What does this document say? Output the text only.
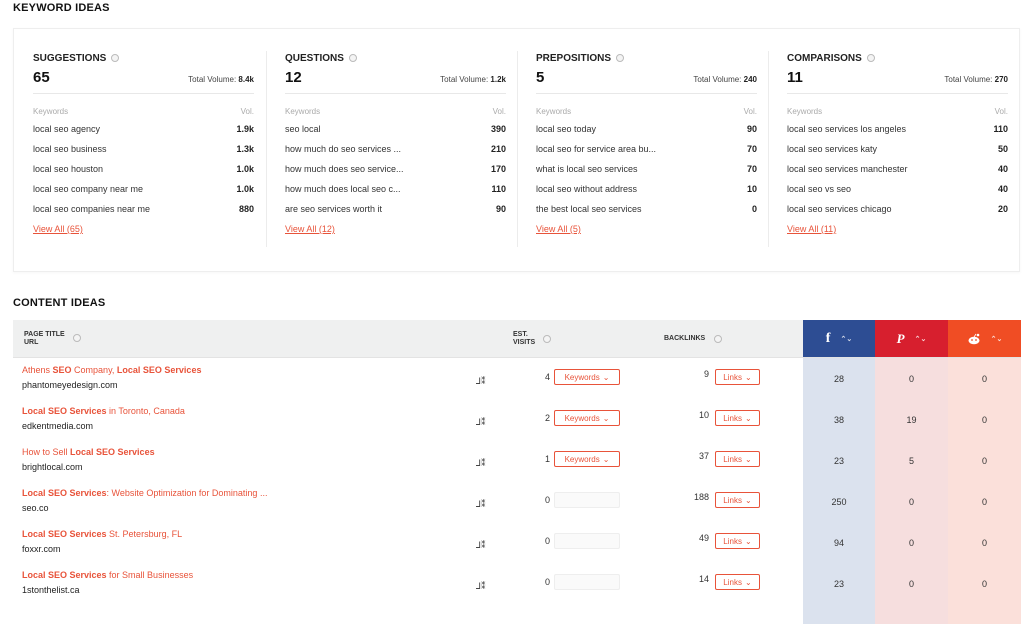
KEYWORD IDEAS
SUGGESTIONS
65	Total Volume: 8.4k
Keywords	Vol.
local seo agency	1.9k
local seo business	1.3k
local seo houston	1.0k
local seo company near me	1.0k
local seo companies near me	880
View All (65)
QUESTIONS
12	Total Volume: 1.2k
Keywords	Vol.
seo local	390
how much do seo services ...	210
how much does seo service...	170
how much does local seo c...	110
are seo services worth it	90
View All (12)
PREPOSITIONS
5	Total Volume: 240
Keywords	Vol.
local seo today	90
local seo for service area bu...	70
what is local seo services	70
local seo without address	10
the best local seo services	0
View All (5)
COMPARISONS
11	Total Volume: 270
Keywords	Vol.
local seo services los angeles	110
local seo services katy	50
local seo services manchester	40
local seo vs seo	40
local seo services chicago	20
View All (11)
CONTENT IDEAS
PAGE TITLE
URL
EST.
VISITS
BACKLINKS	f ⌃⌄	P ⌃⌄	⌃⌄
Athens SEO Company, Local SEO Services
phantomeyedesign.com	⅃⁑	4 Keywords ⌄	9 Links ⌄	28	0	0
Local SEO Services in Toronto, Canada
edkentmedia.com	⅃⁑	2 Keywords ⌄	10 Links ⌄	38	19	0
How to Sell Local SEO Services
brightlocal.com	⅃⁑	1 Keywords ⌄	37 Links ⌄	23	5	0
Local SEO Services: Website Optimization for Dominating ...
seo.co	⅃⁑	0	188 Links ⌄	250	0	0
Local SEO Services St. Petersburg, FL
foxxr.com	⅃⁑	0	49 Links ⌄	94	0	0
Local SEO Services for Small Businesses
1stonthelist.ca	⅃⁑	0	14 Links ⌄	23	0	0
